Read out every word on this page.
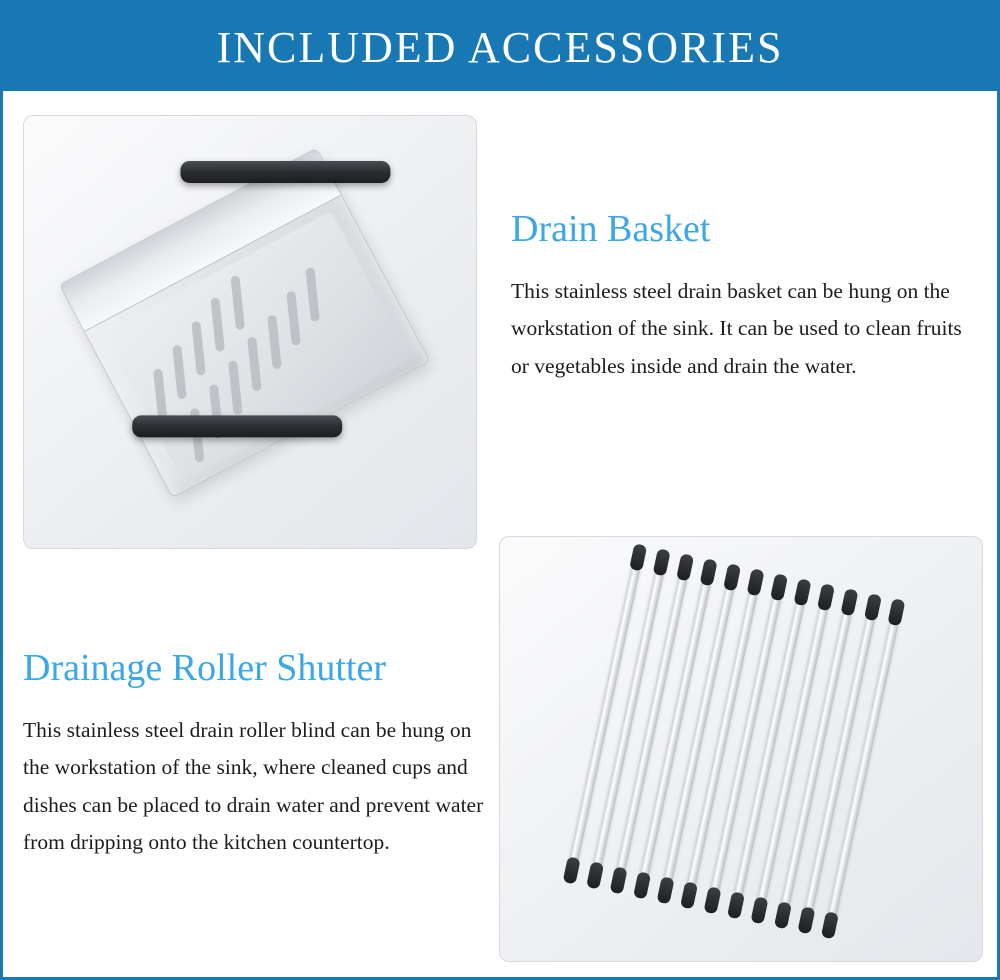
INCLUDED ACCESSORIES
Drain Basket

This stainless steel drain basket can be hung on the workstation of the sink. It can be used to clean fruits or vegetables inside and drain the water.

Drainage Roller Shutter

This stainless steel drain roller blind can be hung on the workstation of the sink, where cleaned cups and dishes can be placed to drain water and prevent water from dripping onto the kitchen countertop.
